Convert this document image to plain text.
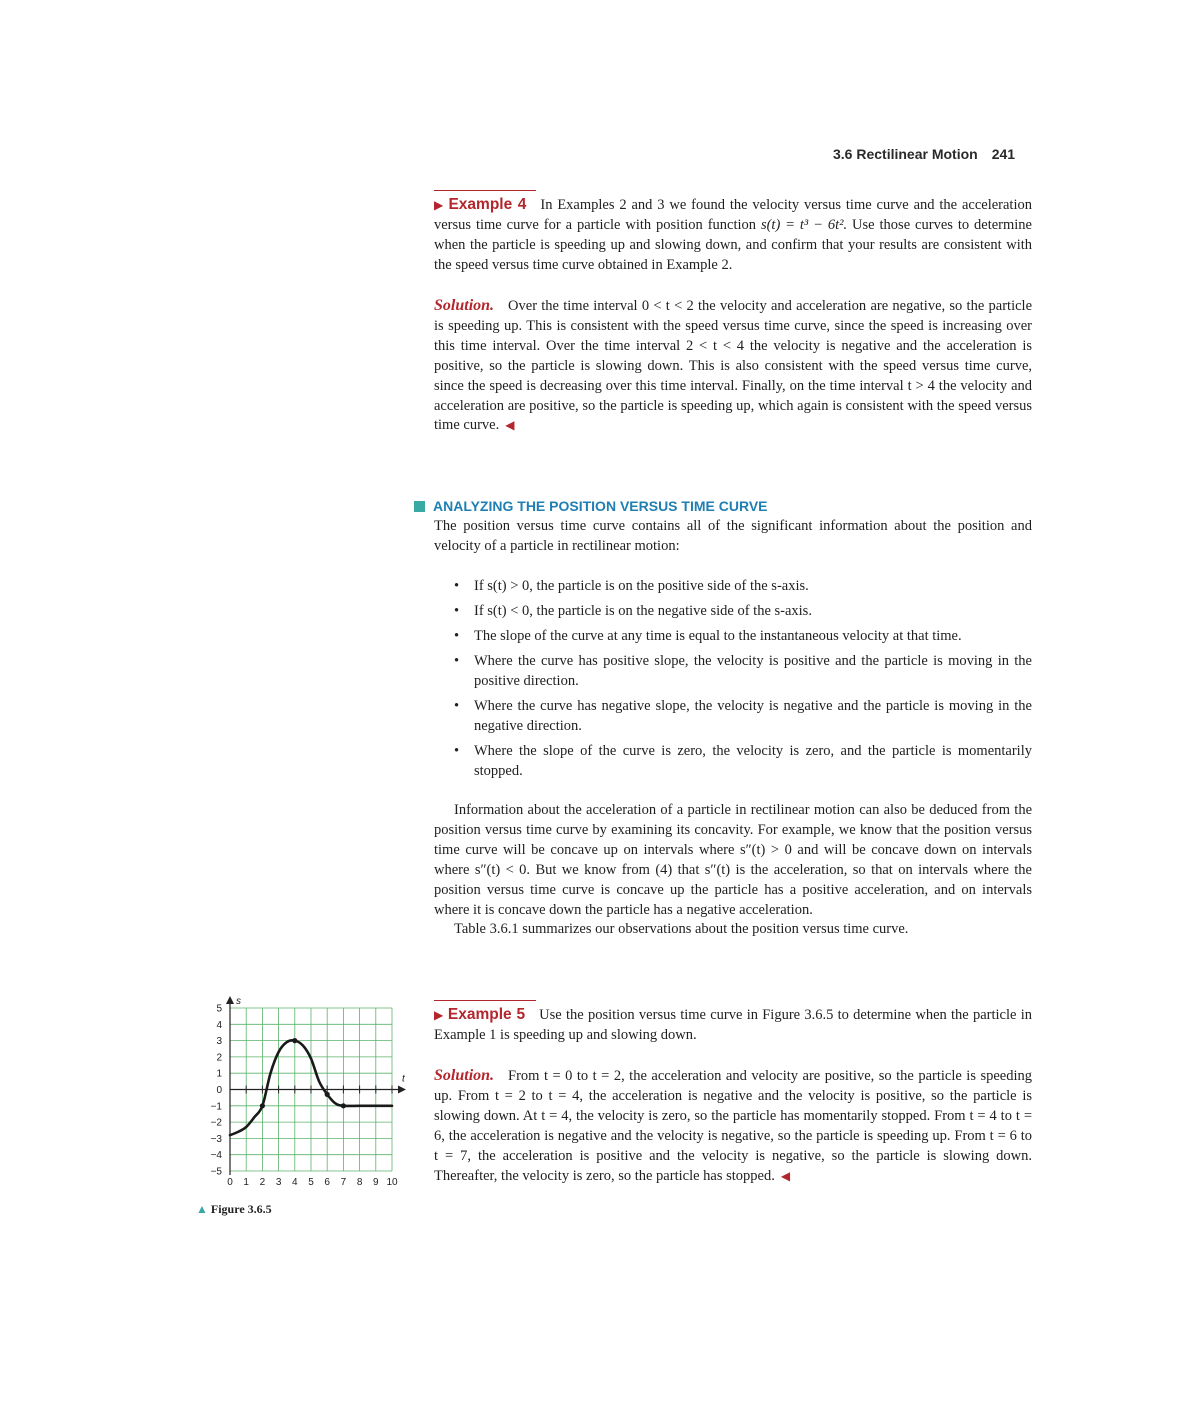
3.6 Rectilinear Motion 241

▶ Example 4 In Examples 2 and 3 we found the velocity versus time curve and the acceleration versus time curve for a particle with position function s(t) = t³ − 6t². Use those curves to determine when the particle is speeding up and slowing down, and confirm that your results are consistent with the speed versus time curve obtained in Example 2.

Solution. Over the time interval 0 < t < 2 the velocity and acceleration are negative, so the particle is speeding up. This is consistent with the speed versus time curve, since the speed is increasing over this time interval. Over the time interval 2 < t < 4 the velocity is negative and the acceleration is positive, so the particle is slowing down. This is also consistent with the speed versus time curve, since the speed is decreasing over this time interval. Finally, on the time interval t > 4 the velocity and acceleration are positive, so the particle is speeding up, which again is consistent with the speed versus time curve. ◀

ANALYZING THE POSITION VERSUS TIME CURVE

The position versus time curve contains all of the significant information about the position and velocity of a particle in rectilinear motion:

• If s(t) > 0, the particle is on the positive side of the s-axis.
• If s(t) < 0, the particle is on the negative side of the s-axis.
• The slope of the curve at any time is equal to the instantaneous velocity at that time.
• Where the curve has positive slope, the velocity is positive and the particle is moving in the positive direction.
• Where the curve has negative slope, the velocity is negative and the particle is moving in the negative direction.
• Where the slope of the curve is zero, the velocity is zero, and the particle is momentarily stopped.

Information about the acceleration of a particle in rectilinear motion can also be deduced from the position versus time curve by examining its concavity. For example, we know that the position versus time curve will be concave up on intervals where s″(t) > 0 and will be concave down on intervals where s″(t) < 0. But we know from (4) that s″(t) is the acceleration, so that on intervals where the position versus time curve is concave up the particle has a positive acceleration, and on intervals where it is concave down the particle has a negative acceleration.

Table 3.6.1 summarizes our observations about the position versus time curve.

▶ Example 5 Use the position versus time curve in Figure 3.6.5 to determine when the particle in Example 1 is speeding up and slowing down.

Solution. From t = 0 to t = 2, the acceleration and velocity are positive, so the particle is speeding up. From t = 2 to t = 4, the acceleration is negative and the velocity is positive, so the particle is slowing down. At t = 4, the velocity is zero, so the particle has momentarily stopped. From t = 4 to t = 6, the acceleration is negative and the velocity is negative, so the particle is speeding up. From t = 6 to t = 7, the acceleration is positive and the velocity is negative, so the particle is slowing down. Thereafter, the velocity is zero, so the particle has stopped. ◀

s
t
5
4
3
2
1
0
−1
−2
−3
−4
−5
0 1 2 3 4 5 6 7 8 9 10
▲ Figure 3.6.5
